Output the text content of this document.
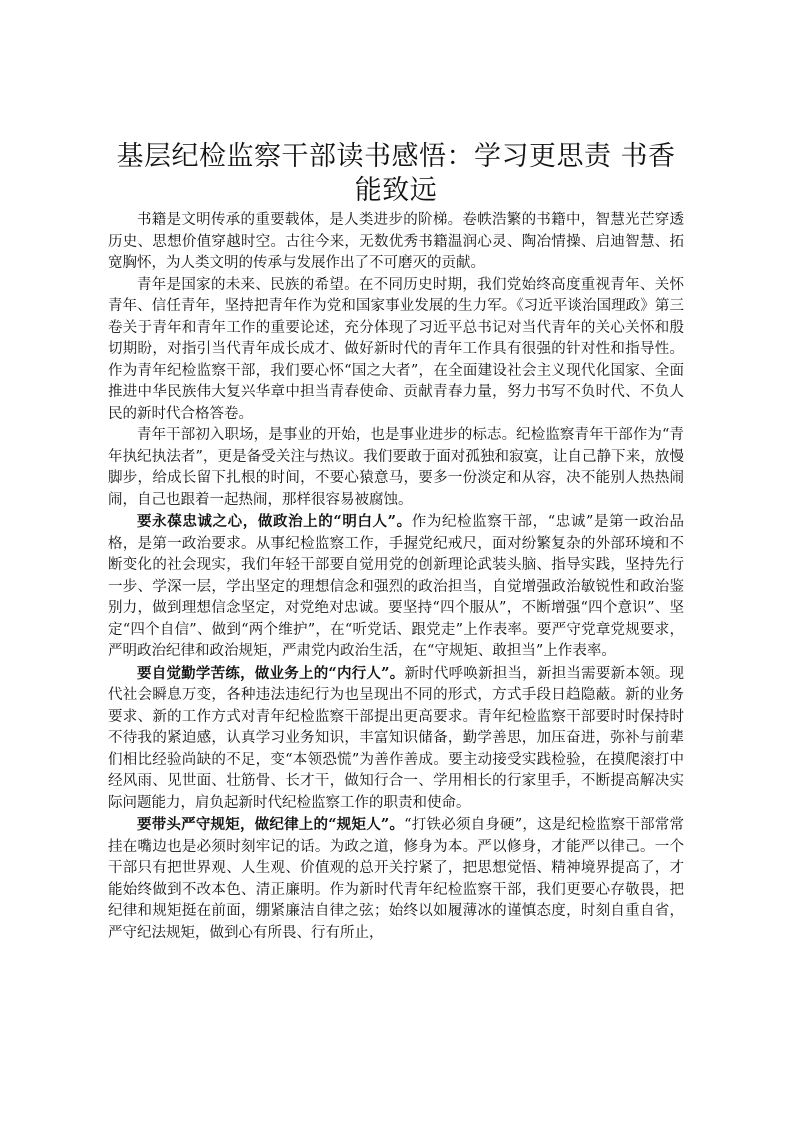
基层纪检监察干部读书感悟：学习更思责 书香能致远

书籍是文明传承的重要载体，是人类进步的阶梯。卷帙浩繁的书籍中，智慧光芒穿透历史、思想价值穿越时空。古往今来，无数优秀书籍温润心灵、陶冶情操、启迪智慧、拓宽胸怀，为人类文明的传承与发展作出了不可磨灭的贡献。

青年是国家的未来、民族的希望。在不同历史时期，我们党始终高度重视青年、关怀青年、信任青年，坚持把青年作为党和国家事业发展的生力军。《习近平谈治国理政》第三卷关于青年和青年工作的重要论述，充分体现了习近平总书记对当代青年的关心关怀和殷切期盼，对指引当代青年成长成才、做好新时代的青年工作具有很强的针对性和指导性。作为青年纪检监察干部，我们要心怀“国之大者”，在全面建设社会主义现代化国家、全面推进中华民族伟大复兴华章中担当青春使命、贡献青春力量，努力书写不负时代、不负人民的新时代合格答卷。

青年干部初入职场，是事业的开始，也是事业进步的标志。纪检监察青年干部作为“青年执纪执法者”，更是备受关注与热议。我们要敢于面对孤独和寂寞，让自己静下来，放慢脚步，给成长留下扎根的时间，不要心猿意马，要多一份淡定和从容，决不能别人热热闹闹，自己也跟着一起热闹，那样很容易被腐蚀。

要永葆忠诚之心，做政治上的“明白人”。作为纪检监察干部，“忠诚”是第一政治品格，是第一政治要求。从事纪检监察工作，手握党纪戒尺，面对纷繁复杂的外部环境和不断变化的社会现实，我们年轻干部要自觉用党的创新理论武装头脑、指导实践，坚持先行一步、学深一层，学出坚定的理想信念和强烈的政治担当，自觉增强政治敏锐性和政治鉴别力，做到理想信念坚定，对党绝对忠诚。要坚持“四个服从”，不断增强“四个意识”、坚定“四个自信”、做到“两个维护”，在“听党话、跟党走”上作表率。要严守党章党规要求，严明政治纪律和政治规矩，严肃党内政治生活，在“守规矩、敢担当”上作表率。

要自觉勤学苦练，做业务上的“内行人”。新时代呼唤新担当，新担当需要新本领。现代社会瞬息万变，各种违法违纪行为也呈现出不同的形式，方式手段日趋隐蔽。新的业务要求、新的工作方式对青年纪检监察干部提出更高要求。青年纪检监察干部要时时保持时不待我的紧迫感，认真学习业务知识，丰富知识储备，勤学善思，加压奋进，弥补与前辈们相比经验尚缺的不足，变“本领恐慌”为善作善成。要主动接受实践检验，在摸爬滚打中经风雨、见世面、壮筋骨、长才干，做知行合一、学用相长的行家里手，不断提高解决实际问题能力，肩负起新时代纪检监察工作的职责和使命。

要带头严守规矩，做纪律上的“规矩人”。“打铁必须自身硬”，这是纪检监察干部常常挂在嘴边也是必须时刻牢记的话。为政之道，修身为本。严以修身，才能严以律己。一个干部只有把世界观、人生观、价值观的总开关拧紧了，把思想觉悟、精神境界提高了，才能始终做到不改本色、清正廉明。作为新时代青年纪检监察干部，我们更要心存敬畏，把纪律和规矩挺在前面，绷紧廉洁自律之弦；始终以如履薄冰的谨慎态度，时刻自重自省，严守纪法规矩，做到心有所畏、行有所止，
